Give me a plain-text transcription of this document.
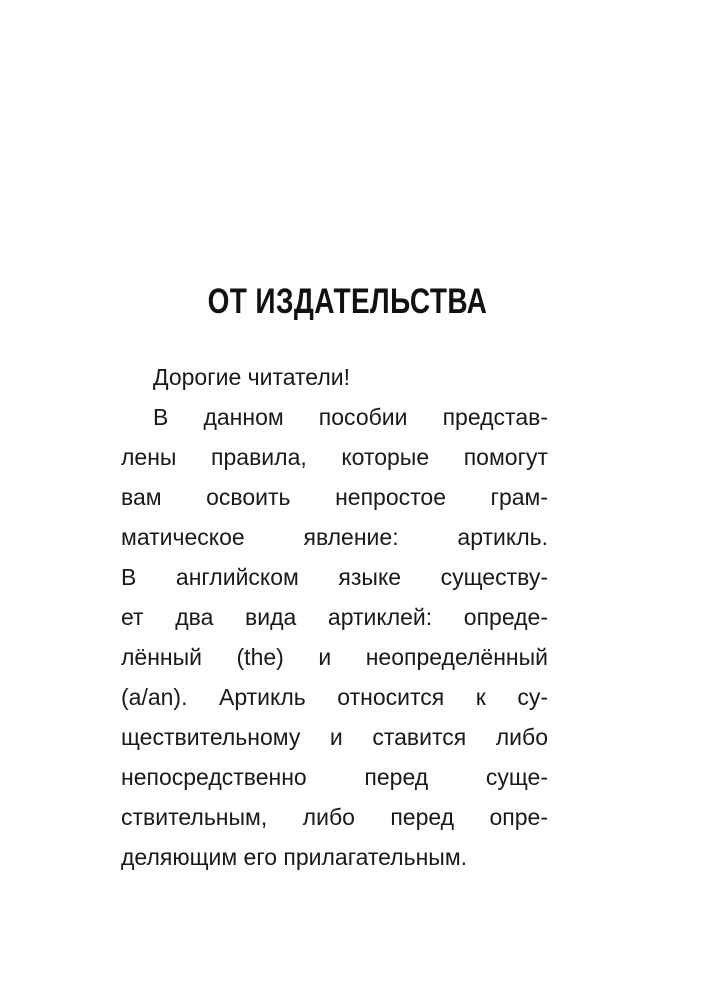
ОТ ИЗДАТЕЛЬСТВА
Дорогие читатели!
В данном пособии представ-
лены правила, которые помогут
вам освоить непростое грам-
матическое явление: артикль.
В английском языке существу-
ет два вида артиклей: опреде-
лённый (the) и неопределённый
(a/an). Артикль относится к су-
ществительному и ставится либо
непосредственно перед суще-
ствительным, либо перед опре-
деляющим его прилагательным.
